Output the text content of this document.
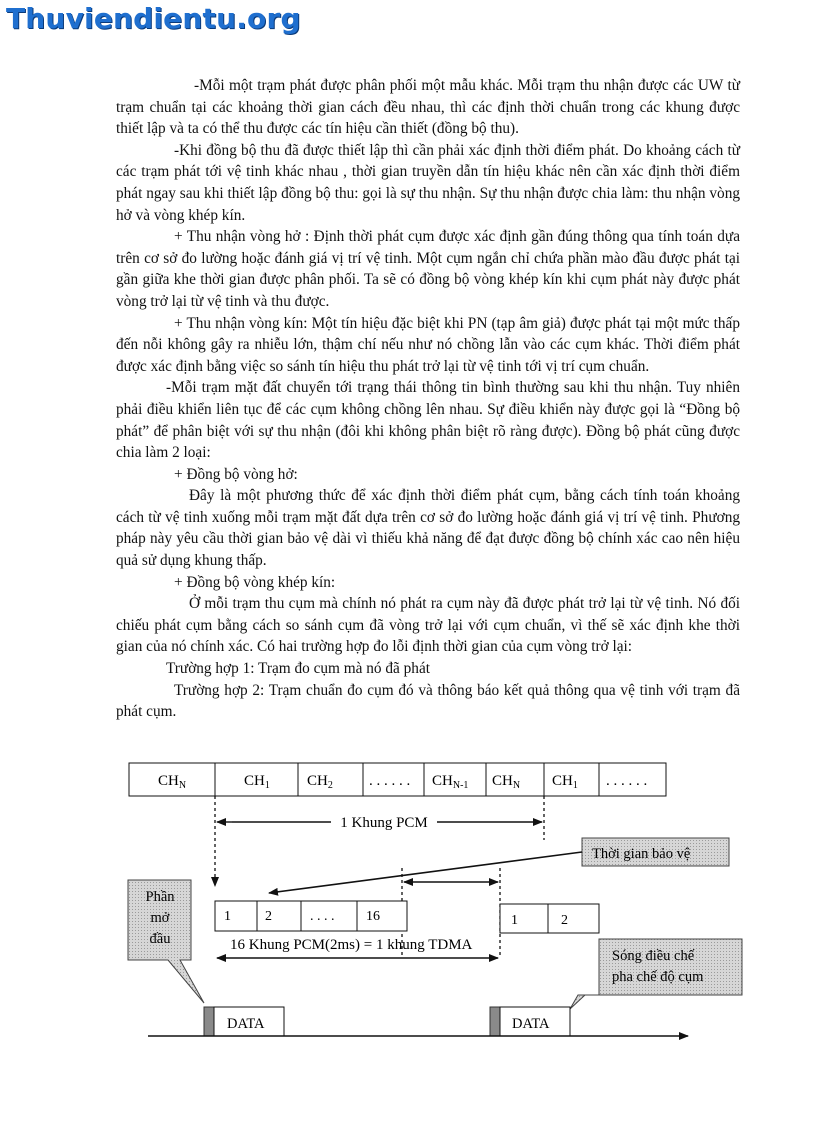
Thuviendientu.org

-Mỗi một trạm phát được phân phối một mẫu khác. Mỗi trạm thu nhận được các UW từ trạm chuẩn tại các khoảng thời gian cách đều nhau, thì các định thời chuẩn trong các khung được thiết lập và ta có thể thu được các tín hiệu cần thiết (đồng bộ thu).

-Khi đồng bộ thu đã được thiết lập thì cần phải xác định thời điểm phát. Do khoảng cách từ các trạm phát tới vệ tinh khác nhau , thời gian truyền dẫn tín hiệu khác nên cần xác định thời điểm phát ngay sau khi thiết lập đồng bộ thu: gọi là sự thu nhận. Sự thu nhận được chia làm: thu nhận vòng hở và vòng khép kín.

+ Thu nhận vòng hở : Định thời phát cụm được xác định gần đúng thông qua tính toán dựa trên cơ sở đo lường hoặc đánh giá vị trí vệ tinh. Một cụm ngắn chỉ chứa phần mào đầu được phát tại gần giữa khe thời gian được phân phối. Ta sẽ có đồng bộ vòng khép kín khi cụm phát này được phát vòng trở lại từ vệ tinh và thu được.

+ Thu nhận vòng kín: Một tín hiệu đặc biệt khi PN (tạp âm giả) được phát tại một mức thấp đến nỗi không gây ra nhiễu lớn, thậm chí nếu như nó chồng lẫn vào các cụm khác. Thời điểm phát được xác định bằng việc so sánh tín hiệu thu phát trở lại từ vệ tinh tới vị trí cụm chuẩn.

-Mỗi trạm mặt đất chuyển tới trạng thái thông tin bình thường sau khi thu nhận. Tuy nhiên phải điều khiển liên tục để các cụm không chồng lên nhau. Sự điều khiển này được gọi là “Đồng bộ phát” để phân biệt với sự thu nhận (đôi khi không phân biệt rõ ràng được). Đồng bộ phát cũng được chia làm 2 loại:

+ Đồng bộ vòng hở:

Đây là một phương thức để xác định thời điểm phát cụm, bằng cách tính toán khoảng cách từ vệ tinh xuống mỗi trạm mặt đất dựa trên cơ sở đo lường hoặc đánh giá vị trí vệ tinh. Phương pháp này yêu cầu thời gian bảo vệ dài vì thiếu khả năng để đạt được đồng bộ chính xác cao nên hiệu quả sử dụng khung thấp.

+ Đồng bộ vòng khép kín:

Ở mỗi trạm thu cụm mà chính nó phát ra cụm này đã được phát trở lại từ vệ tinh. Nó đối chiếu phát cụm bằng cách so sánh cụm đã vòng trở lại với cụm chuẩn, vì thế sẽ xác định khe thời gian của nó chính xác. Có hai trường hợp đo lỗi định thời gian của cụm vòng trở lại:

Trường hợp 1: Trạm đo cụm mà nó đã phát

Trường hợp 2: Trạm chuẩn đo cụm đó và thông báo kết quả thông qua vệ tinh với trạm đã phát cụm.

$CH_N$	$CH_1$ $CH_2$ . . . . . . $CH_{N-1}$ $CH_N$ $CH_1$ . . . . . .
1 Khung PCM
Thời gian bảo vệ
1 2	. . . . 16	1	2
16 Khung PCM(2ms) = 1 khung TDMA
Phần
mở
đầu
Sóng điều chế
pha chế độ cụm
DATA	DATA
